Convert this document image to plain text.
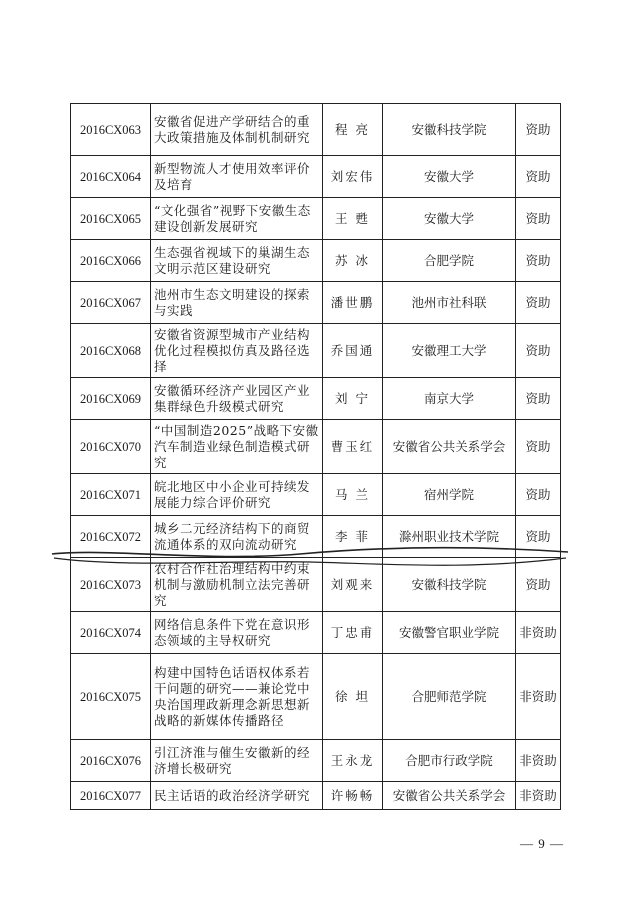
2016CX063	安徽省促进产学研结合的重大政策措施及体制机制研究	程 亮	安徽科技学院	资助
2016CX064	新型物流人才使用效率评价及培育	刘宏伟	安徽大学	资助
2016CX065	“文化强省”视野下安徽生态建设创新发展研究	王 甦	安徽大学	资助
2016CX066	生态强省视域下的巢湖生态文明示范区建设研究	苏 冰	合肥学院	资助
2016CX067	池州市生态文明建设的探索与实践	潘世鹏	池州市社科联	资助
2016CX068	安徽省资源型城市产业结构优化过程模拟仿真及路径选择	乔国通	安徽理工大学	资助
2016CX069	安徽循环经济产业园区产业集群绿色升级模式研究	刘 宁	南京大学	资助
2016CX070	“中国制造2025”战略下安徽汽车制造业绿色制造模式研究	曹玉红	安徽省公共关系学会	资助
2016CX071	皖北地区中小企业可持续发展能力综合评价研究	马 兰	宿州学院	资助
2016CX072	城乡二元经济结构下的商贸流通体系的双向流动研究	李 菲	滁州职业技术学院	资助
2016CX073	农村合作社治理结构中约束机制与激励机制立法完善研究	刘观来	安徽科技学院	资助
2016CX074	网络信息条件下党在意识形态领域的主导权研究	丁忠甫	安徽警官职业学院	非资助
2016CX075	构建中国特色话语权体系若干问题的研究——兼论党中央治国理政新理念新思想新战略的新媒体传播路径	徐 坦	合肥师范学院	非资助
2016CX076	引江济淮与催生安徽新的经济增长极研究	王永龙	合肥市行政学院	非资助
2016CX077	民主话语的政治经济学研究	许畅畅	安徽省公共关系学会	非资助
— 9 —
